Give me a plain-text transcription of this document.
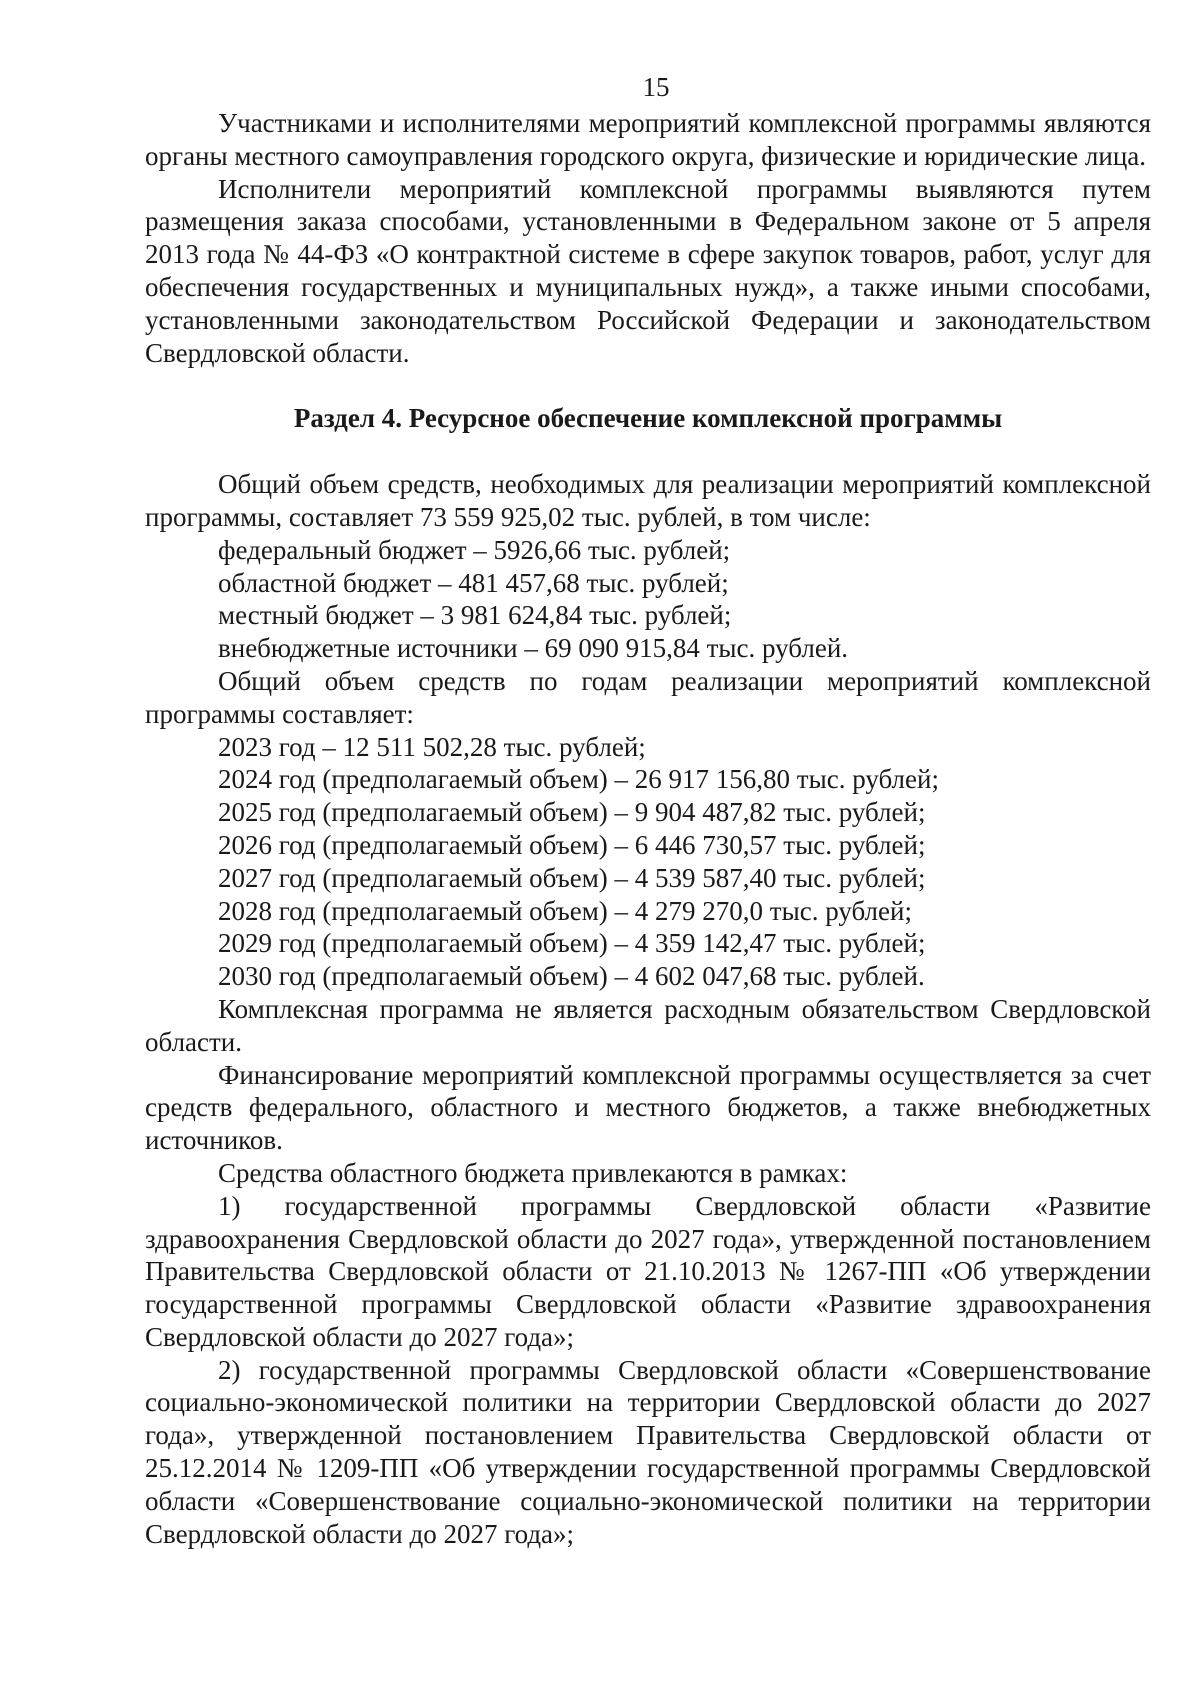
15

Участниками и исполнителями мероприятий комплексной программы являются органы местного самоуправления городского округа, физические и юридические лица.

Исполнители мероприятий комплексной программы выявляются путем размещения заказа способами, установленными в Федеральном законе от 5 апреля 2013 года № 44-ФЗ «О контрактной системе в сфере закупок товаров, работ, услуг для обеспечения государственных и муниципальных нужд», а также иными способами, установленными законодательством Российской Федерации и законодательством Свердловской области.

Раздел 4. Ресурсное обеспечение комплексной программы

Общий объем средств, необходимых для реализации мероприятий комплексной программы, составляет 73 559 925,02 тыс. рублей, в том числе:

федеральный бюджет – 5926,66 тыс. рублей;

областной бюджет – 481 457,68 тыс. рублей;

местный бюджет – 3 981 624,84 тыс. рублей;

внебюджетные источники – 69 090 915,84 тыс. рублей.

Общий объем средств по годам реализации мероприятий комплексной программы составляет:

2023 год – 12 511 502,28 тыс. рублей;

2024 год (предполагаемый объем) – 26 917 156,80 тыс. рублей;

2025 год (предполагаемый объем) – 9 904 487,82 тыс. рублей;

2026 год (предполагаемый объем) – 6 446 730,57 тыс. рублей;

2027 год (предполагаемый объем) – 4 539 587,40 тыс. рублей;

2028 год (предполагаемый объем) – 4 279 270,0 тыс. рублей;

2029 год (предполагаемый объем) – 4 359 142,47 тыс. рублей;

2030 год (предполагаемый объем) – 4 602 047,68 тыс. рублей.

Комплексная программа не является расходным обязательством Свердловской области.

Финансирование мероприятий комплексной программы осуществляется за счет средств федерального, областного и местного бюджетов, а также внебюджетных источников.

Средства областного бюджета привлекаются в рамках:

1) государственной программы Свердловской области «Развитие здравоохранения Свердловской области до 2027 года», утвержденной постановлением Правительства Свердловской области от 21.10.2013 № 1267-ПП «Об утверждении государственной программы Свердловской области «Развитие здравоохранения Свердловской области до 2027 года»;

2) государственной программы Свердловской области «Совершенствование социально-экономической политики на территории Свердловской области до 2027 года», утвержденной постановлением Правительства Свердловской области от 25.12.2014 № 1209-ПП «Об утверждении государственной программы Свердловской области «Совершенствование социально-экономической политики на территории Свердловской области до 2027 года»;
